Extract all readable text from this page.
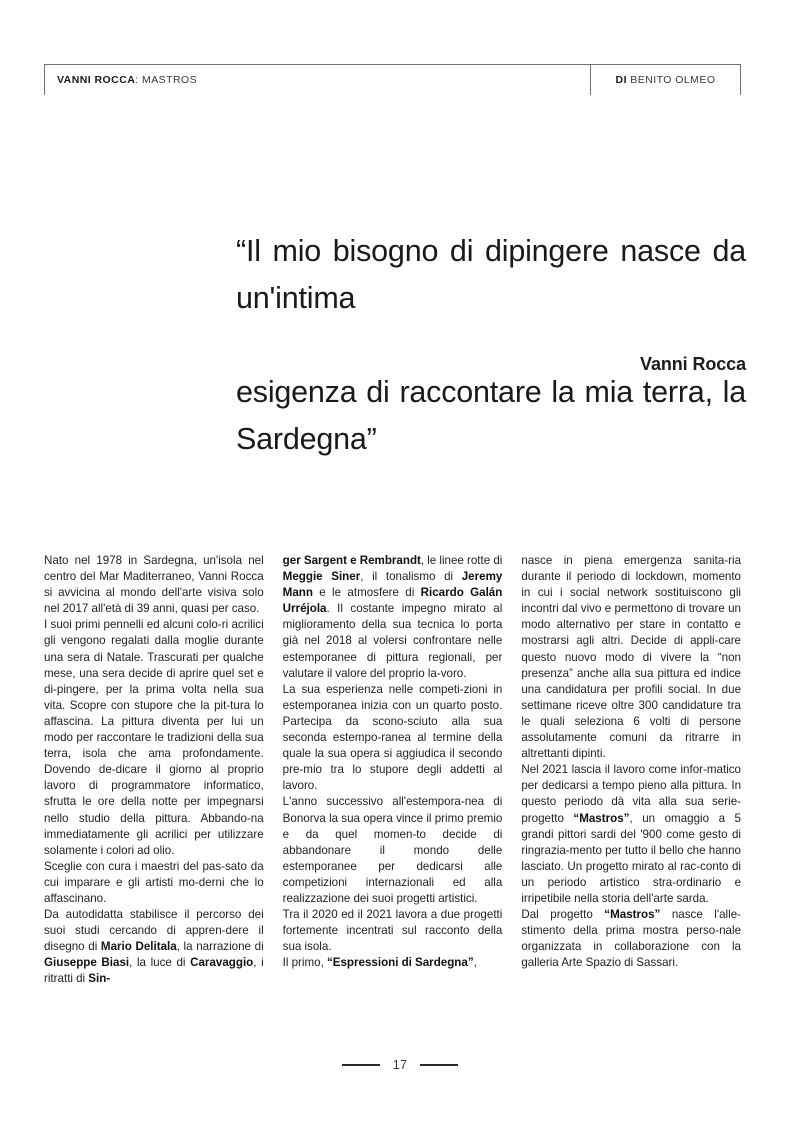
VANNI ROCCA: MASTROS	DI BENITO OLMEO
“Il mio bisogno di dipingere nasce da un'intima
esigenza di raccontare la mia terra, la Sardegna”
Vanni Rocca

Nato nel 1978 in Sardegna, un'isola nel centro del Mar Maditerraneo, Vanni Rocca si avvicina al mondo dell'arte visiva solo nel 2017 all'età di 39 anni, quasi per caso.

I suoi primi pennelli ed alcuni colo-ri acrilici gli vengono regalati dalla moglie durante una sera di Natale. Trascurati per qualche mese, una sera decide di aprire quel set e di-pingere, per la prima volta nella sua vita. Scopre con stupore che la pit-tura lo affascina. La pittura diventa per lui un modo per raccontare le tradizioni della sua terra, isola che ama profondamente. Dovendo de-dicare il giorno al proprio lavoro di programmatore informatico, sfrutta le ore della notte per impegnarsi nello studio della pittura. Abbando-na immediatamente gli acrilici per utilizzare solamente i colori ad olio.

Sceglie con cura i maestri del pas-sato da cui imparare e gli artisti mo-derni che lo affascinano.

Da autodidatta stabilisce il percorso dei suoi studi cercando di appren-dere il disegno di Mario Delitala, la narrazione di Giuseppe Biasi, la luce di Caravaggio, i ritratti di Sin-

ger Sargent e Rembrandt, le linee rotte di Meggie Siner, il tonalismo di Jeremy Mann e le atmosfere di Ricardo Galán Urréjola. Il costante impegno mirato al miglioramento della sua tecnica lo porta già nel 2018 al volersi confrontare nelle estemporanee di pittura regionali, per valutare il valore del proprio la-voro.

La sua esperienza nelle competi-zioni in estemporanea inizia con un quarto posto. Partecipa da scono-sciuto alla sua seconda estempo-ranea al termine della quale la sua opera si aggiudica il secondo pre-mio tra lo stupore degli addetti al lavoro.

L'anno successivo all'estempora-nea di Bonorva la sua opera vince il primo premio e da quel momen-to decide di abbandonare il mondo delle estemporanee per dedicarsi alle competizioni internazionali ed alla realizzazione dei suoi progetti artistici.

Tra il 2020 ed il 2021 lavora a due progetti fortemente incentrati sul racconto della sua isola.

Il primo, “Espressioni di Sardegna”,

nasce in piena emergenza sanita-ria durante il periodo di lockdown, momento in cui i social network sostituiscono gli incontri dal vivo e permettono di trovare un modo alternativo per stare in contatto e mostrarsi agli altri. Decide di appli-care questo nuovo modo di vivere la “non presenza” anche alla sua pittura ed indice una candidatura per profili social. In due settimane riceve oltre 300 candidature tra le quali seleziona 6 volti di persone assolutamente comuni da ritrarre in altrettanti dipinti.

Nel 2021 lascia il lavoro come infor-matico per dedicarsi a tempo pieno alla pittura. In questo periodo dà vita alla sua serie-progetto “Mastros”, un omaggio a 5 grandi pittori sardi del '900 come gesto di ringrazia-mento per tutto il bello che hanno lasciato. Un progetto mirato al rac-conto di un periodo artistico stra-ordinario e irripetibile nella storia dell'arte sarda.

Dal progetto “Mastros” nasce l'alle-stimento della prima mostra perso-nale organizzata in collaborazione con la galleria Arte Spazio di Sassari.

17
